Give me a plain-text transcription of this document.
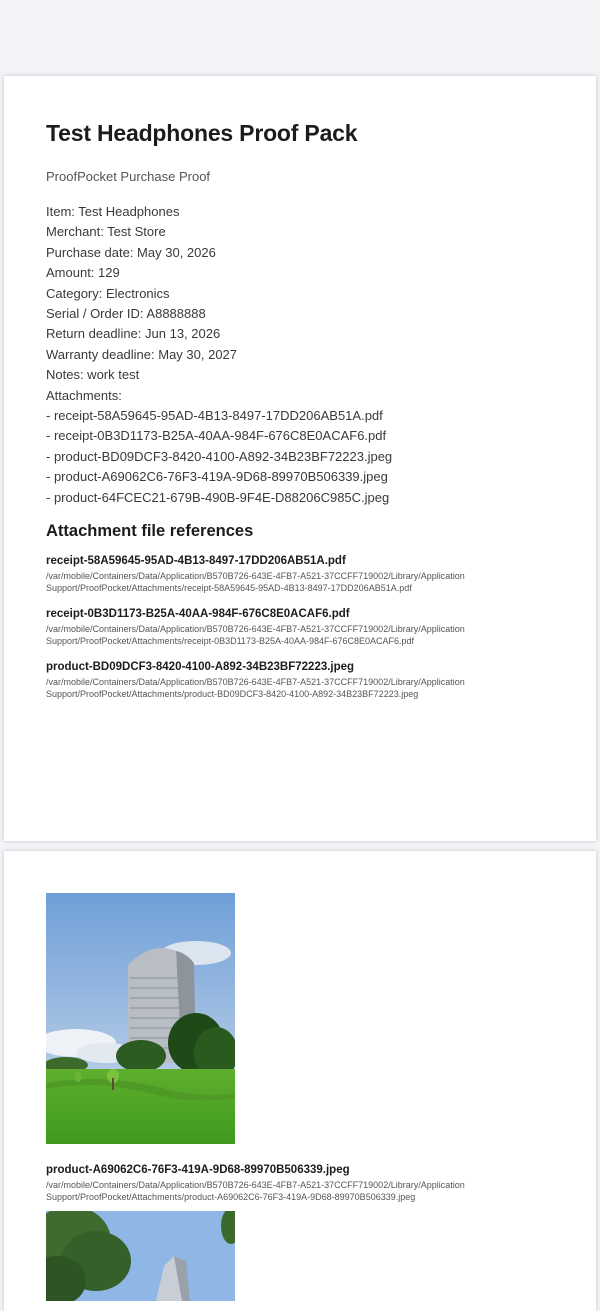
Test Headphones Proof Pack
ProofPocket Purchase Proof
Item: Test Headphones
Merchant: Test Store
Purchase date: May 30, 2026
Amount: 129
Category: Electronics
Serial / Order ID: A8888888
Return deadline: Jun 13, 2026
Warranty deadline: May 30, 2027
Notes: work test
Attachments:
- receipt-58A59645-95AD-4B13-8497-17DD206AB51A.pdf
- receipt-0B3D1173-B25A-40AA-984F-676C8E0ACAF6.pdf
- product-BD09DCF3-8420-4100-A892-34B23BF72223.jpeg
- product-A69062C6-76F3-419A-9D68-89970B506339.jpeg
- product-64FCEC21-679B-490B-9F4E-D88206C985C.jpeg
Attachment file references
receipt-58A59645-95AD-4B13-8497-17DD206AB51A.pdf
/var/mobile/Containers/Data/Application/B570B726-643E-4FB7-A521-37CCFF719002/Library/Application
Support/ProofPocket/Attachments/receipt-58A59645-95AD-4B13-8497-17DD206AB51A.pdf
receipt-0B3D1173-B25A-40AA-984F-676C8E0ACAF6.pdf
/var/mobile/Containers/Data/Application/B570B726-643E-4FB7-A521-37CCFF719002/Library/Application
Support/ProofPocket/Attachments/receipt-0B3D1173-B25A-40AA-984F-676C8E0ACAF6.pdf
product-BD09DCF3-8420-4100-A892-34B23BF72223.jpeg
/var/mobile/Containers/Data/Application/B570B726-643E-4FB7-A521-37CCFF719002/Library/Application
Support/ProofPocket/Attachments/product-BD09DCF3-8420-4100-A892-34B23BF72223.jpeg
product-A69062C6-76F3-419A-9D68-89970B506339.jpeg
/var/mobile/Containers/Data/Application/B570B726-643E-4FB7-A521-37CCFF719002/Library/Application
Support/ProofPocket/Attachments/product-A69062C6-76F3-419A-9D68-89970B506339.jpeg
